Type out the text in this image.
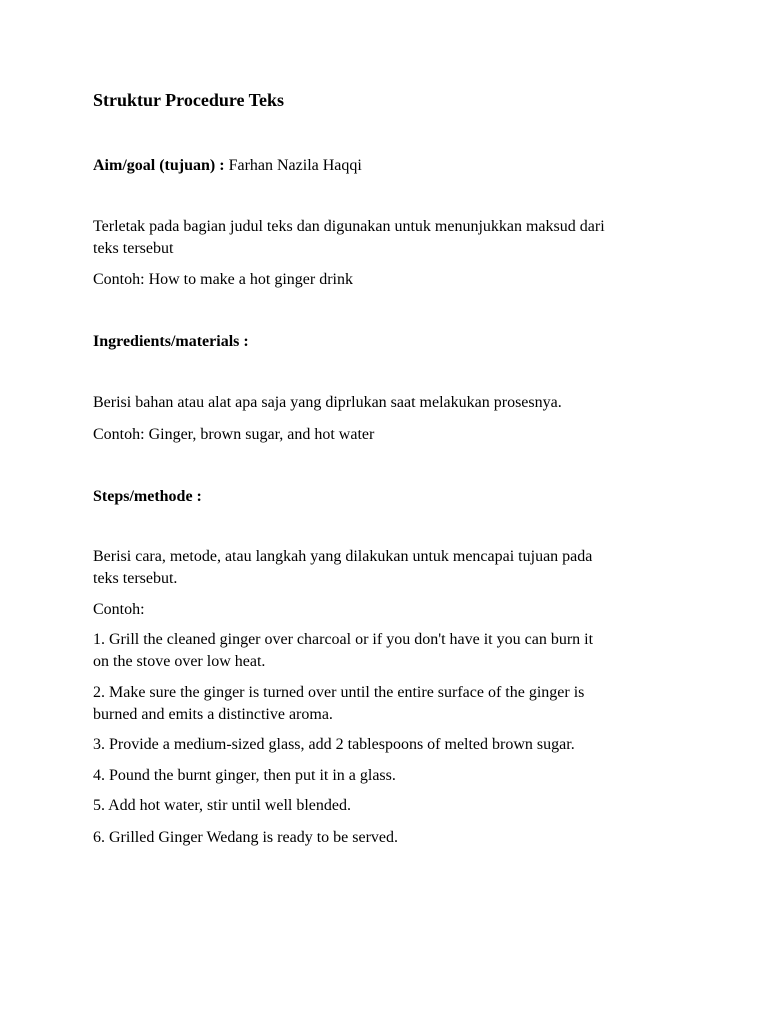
Struktur Procedure Teks
Aim/goal (tujuan) : Farhan Nazila Haqqi
Terletak pada bagian judul teks dan digunakan untuk menunjukkan maksud dari
teks tersebut
Contoh: How to make a hot ginger drink
Ingredients/materials :
Berisi bahan atau alat apa saja yang diprlukan saat melakukan prosesnya.
Contoh: Ginger, brown sugar, and hot water
Steps/methode :
Berisi cara, metode, atau langkah yang dilakukan untuk mencapai tujuan pada
teks tersebut.
Contoh:
1. Grill the cleaned ginger over charcoal or if you don't have it you can burn it
on the stove over low heat.
2. Make sure the ginger is turned over until the entire surface of the ginger is
burned and emits a distinctive aroma.
3. Provide a medium-sized glass, add 2 tablespoons of melted brown sugar.
4. Pound the burnt ginger, then put it in a glass.
5. Add hot water, stir until well blended.
6. Grilled Ginger Wedang is ready to be served.
